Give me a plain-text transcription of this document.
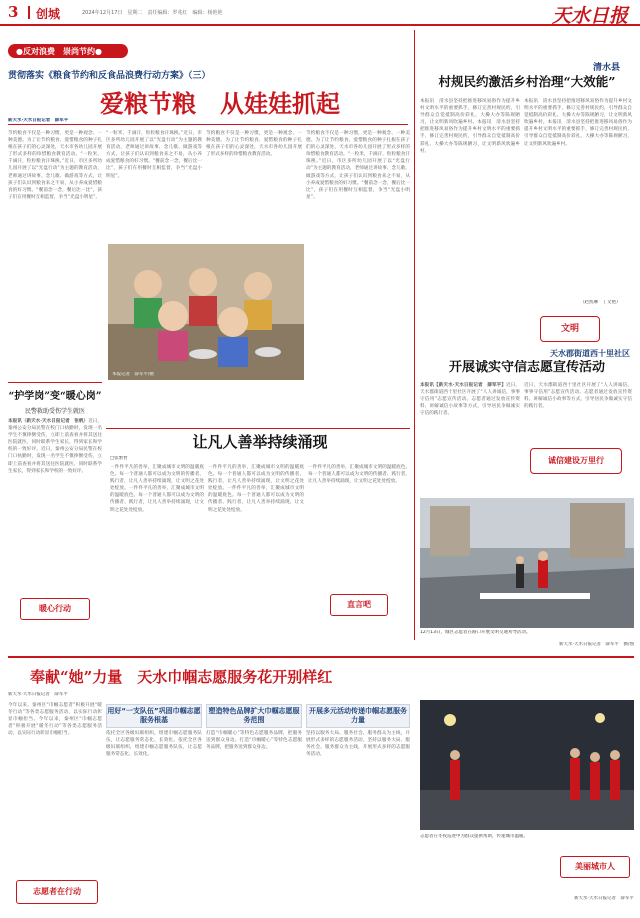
3 创城	2024年12月17日　星期二　责任编辑：罗兆红　编辑：杨艳艳	天水日报
●反对浪费　崇尚节约●
贯彻落实《粮食节约和反食品浪费行动方案》（三）
爱粮节粮　从娃娃抓起
新天水·天水日报记者　薛军平
节约粮食不仅是一种习惯，更是一种观念、一种美德。为了让节约粮食、爱惜粮食的种子扎根在孩子们的心灵深处，天水市各幼儿园开展了形式多样的珍惜粮食教育活动。“一粒米，千滴汗，粒粒粮食汗珠换。”近日，市区多所幼儿园开展了以“光盘行动”为主题的教育活动，老师通过讲故事、念儿歌、做游戏等方式，让孩子们认识到粮食来之不易，从小养成爱惜粮食的好习惯。“餐前念一念，餐后比一比”，孩子们在用餐时互相监督，争当“光盘小明星”。
“一粒米，千滴汗，粒粒粮食汗珠换。”近日，市区多所幼儿园开展了以“光盘行动”为主题的教育活动，老师通过讲故事、念儿歌、做游戏等方式，让孩子们认识到粮食来之不易，从小养成爱惜粮食的好习惯。“餐前念一念，餐后比一比”，孩子们在用餐时互相监督，争当“光盘小明星”。
节约粮食不仅是一种习惯，更是一种观念、一种美德。为了让节约粮食、爱惜粮食的种子扎根在孩子们的心灵深处，天水市各幼儿园开展了形式多样的珍惜粮食教育活动。
节约粮食不仅是一种习惯，更是一种观念、一种美德。为了让节约粮食、爱惜粮食的种子扎根在孩子们的心灵深处，天水市各幼儿园开展了形式多样的珍惜粮食教育活动。“一粒米，千滴汗，粒粒粮食汗珠换。”近日，市区多所幼儿园开展了以“光盘行动”为主题的教育活动，老师通过讲故事、念儿歌、做游戏等方式，让孩子们认识到粮食来之不易，从小养成爱惜粮食的好习惯。“餐前念一念，餐后比一比”，孩子们在用餐时互相监督，争当“光盘小明星”。
本报记者　薛军平/摄
“护学岗”变“暖心岗”
民警救助受伤学生就医
本报讯（新天水·天水日报记者　张帆）近日，秦州公安分局民警在校门口执勤时，发现一名学生不慎摔倒受伤，立即上前查看并将其送往医院就医，同时联系学生家长，得到家长和学校的一致好评。近日，秦州公安分局民警在校门口执勤时，发现一名学生不慎摔倒受伤，立即上前查看并将其送往医院就医，同时联系学生家长，得到家长和学校的一致好评。
暖心行动
让凡人善举持续涌现
□张繁哲
一件件平凡的善举，汇聚成城市文明的温暖底色。每一个普通人都可以成为文明的传播者、践行者，让凡人善举持续涌现，让文明之花处处绽放。一件件平凡的善举，汇聚成城市文明的温暖底色。每一个普通人都可以成为文明的传播者、践行者，让凡人善举持续涌现，让文明之花处处绽放。
一件件平凡的善举，汇聚成城市文明的温暖底色。每一个普通人都可以成为文明的传播者、践行者，让凡人善举持续涌现，让文明之花处处绽放。一件件平凡的善举，汇聚成城市文明的温暖底色。每一个普通人都可以成为文明的传播者、践行者，让凡人善举持续涌现，让文明之花处处绽放。
一件件平凡的善举，汇聚成城市文明的温暖底色。每一个普通人都可以成为文明的传播者、践行者，让凡人善举持续涌现，让文明之花处处绽放。
直言吧
清水县
村规民约激活乡村治理“大效能”
本报讯　清水县坚持把推进移风易俗作为提升乡村文明水平的重要抓手，修订完善村规民约，引导群众自觉抵制高价彩礼、大操大办等陈规陋习，让文明新风吹遍乡村。本报讯　清水县坚持把推进移风易俗作为提升乡村文明水平的重要抓手，修订完善村规民约，引导群众自觉抵制高价彩礼、大操大办等陈规陋习，让文明新风吹遍乡村。
本报讯　清水县坚持把推进移风易俗作为提升乡村文明水平的重要抓手，修订完善村规民约，引导群众自觉抵制高价彩礼、大操大办等陈规陋习，让文明新风吹遍乡村。本报讯　清水县坚持把推进移风易俗作为提升乡村文明水平的重要抓手，修订完善村规民约，引导群众自觉抵制高价彩礼、大操大办等陈规陋习，让文明新风吹遍乡村。
（赵凯琳　丁文艳）
文明
天水郡街道西十里社区
开展诚实守信志愿宣传活动
本报讯【新天水·天水日报记者　薛军平】近日，天水郡街道西十里社区开展了“人人讲诚信，事事守信用”志愿宣传活动。志愿者通过发放宣传资料、讲解诚信小故事等方式，引导居民争做诚实守信的践行者。
近日，天水郡街道西十里社区开展了“人人讲诚信，事事守信用”志愿宣传活动。志愿者通过发放宣传资料、讲解诚信小故事等方式，引导居民争做诚实守信的践行者。
诚信建设万里行
12月13日，城区志愿者在路口开展文明交通劝导活动。
新天水·天水日报记者　薛军平　摄/图
奉献“她”力量　天水巾帼志愿服务花开别样红
新天水·天水日报记者　薛军平
今年以来，秦州区“巾帼志愿者”积极开展“暖冬行动”等各类志愿服务活动，以实际行动彰显巾帼担当。今年以来，秦州区“巾帼志愿者”积极开展“暖冬行动”等各类志愿服务活动，以实际行动彰显巾帼担当。
志愿者在行动
用好“一支队伍”巩固巾帼志愿服务根基
依托全区各级妇联组织，组建巾帼志愿服务队伍，让志愿服务常态化、长效化。依托全区各级妇联组织，组建巾帼志愿服务队伍，让志愿服务常态化、长效化。
塑造特色品牌扩大巾帼志愿服务范围
打造“巾帼暖心”等特色志愿服务品牌，把服务送到群众身边。打造“巾帼暖心”等特色志愿服务品牌，把服务送到群众身边。
开展多元活动传递巾帼志愿服务力量
坚持以服务大局、服务社会、服务群众为主线，开展形式多样的志愿服务活动。坚持以服务大局、服务社会、服务群众为主线，开展形式多样的志愿服务活动。
志愿者在冬夜巡逻中为群众提供帮助，传递城市温暖。
美丽城市人
新天水·天水日报记者　薛军平
